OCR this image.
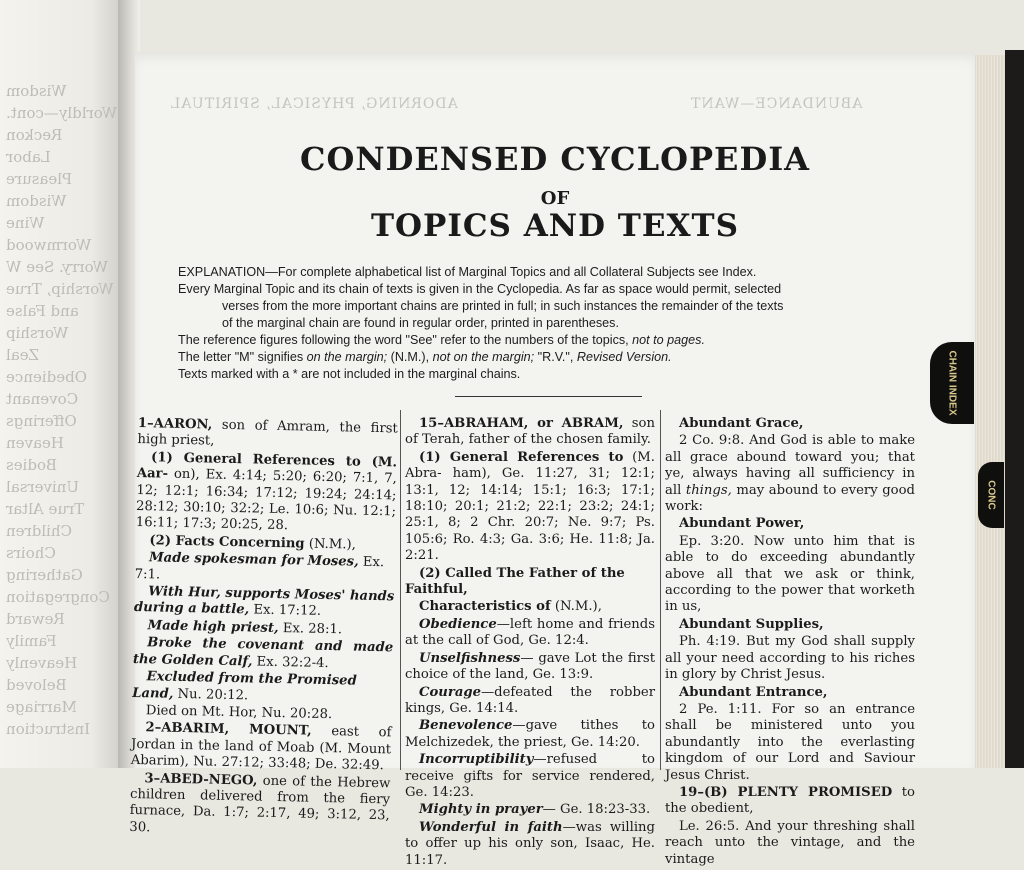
Wisdom
Worldly—cont.
Reckon
Labor
Pleasure
Wisdom
Wine
Wormwood
Worry. See W
Worship, True
and False
Worship
Zeal
Obedience
Covenant
Offerings
Heaven
Bodies
Universal
True Altar
Children
Choirs
Gathering
Congregation
Reward
Family
Heavenly
Beloved
Marriage
Instruction
ADORNING, PHYSICAL, SPIRITUAL	ABUNDANCE—WANT
CONDENSED CYCLOPEDIA
OF
TOPICS AND TEXTS

EXPLANATION—For complete alphabetical list of Marginal Topics and all Collateral Subjects see Index.

Every Marginal Topic and its chain of texts is given in the Cyclopedia. As far as space would permit, selected

verses from the more important chains are printed in full; in such instances the remainder of the texts

of the marginal chain are found in regular order, printed in parentheses.

The reference figures following the word "See" refer to the numbers of the topics, not to pages.

The letter "M" signifies on the margin; (N.M.), not on the margin; "R.V.", Revised Version.

Texts marked with a * are not included in the marginal chains.

1–AARON, son of Amram, the first high priest,

(1) General References to (M. Aar- on), Ex. 4:14; 5:20; 6:20; 7:1, 7, 12; 12:1; 16:34; 17:12; 19:24; 24:14; 28:12; 30:10; 32:2; Le. 10:6; Nu. 12:1; 16:11; 17:3; 20:25, 28.

(2) Facts Concerning (N.M.),

Made spokesman for Moses, Ex. 7:1.

With Hur, supports Moses' hands during a battle, Ex. 17:12.

Made high priest, Ex. 28:1.

Broke the covenant and made the Golden Calf, Ex. 32:2-4.

Excluded from the Promised Land, Nu. 20:12.

Died on Mt. Hor, Nu. 20:28.

2–ABARIM, MOUNT, east of Jordan in the land of Moab (M. Mount Abarim), Nu. 27:12; 33:48; De. 32:49.

3–ABED-NEGO, one of the Hebrew children delivered from the fiery furnace, Da. 1:7; 2:17, 49; 3:12, 23, 30.

15–ABRAHAM, or ABRAM, son of Terah, father of the chosen family.

(1) General References to (M. Abra- ham), Ge. 11:27, 31; 12:1; 13:1, 12; 14:14; 15:1; 16:3; 17:1; 18:10; 20:1; 21:2; 22:1; 23:2; 24:1; 25:1, 8; 2 Chr. 20:7; Ne. 9:7; Ps. 105:6; Ro. 4:3; Ga. 3:6; He. 11:8; Ja. 2:21.

(2) Called The Father of the Faithful,

Characteristics of (N.M.),

Obedience—left home and friends at the call of God, Ge. 12:4.

Unselfishness— gave Lot the first choice of the land, Ge. 13:9.

Courage—defeated the robber kings, Ge. 14:14.

Benevolence—gave tithes to Melchizedek, the priest, Ge. 14:20.

Incorruptibility—refused to receive gifts for service rendered, Ge. 14:23.

Mighty in prayer— Ge. 18:23-33.

Wonderful in faith—was willing to offer up his only son, Isaac, He. 11:17.

Abundant Grace,

2 Co. 9:8. And God is able to make all grace abound toward you; that ye, always having all sufficiency in all things, may abound to every good work:

Abundant Power,

Ep. 3:20. Now unto him that is able to do exceeding abundantly above all that we ask or think, according to the power that worketh in us,

Abundant Supplies,

Ph. 4:19. But my God shall supply all your need according to his riches in glory by Christ Jesus.

Abundant Entrance,

2 Pe. 1:11. For so an entrance shall be ministered unto you abundantly into the everlasting kingdom of our Lord and Saviour Jesus Christ.

19–(B) PLENTY PROMISED to the obedient,

Le. 26:5. And your threshing shall reach unto the vintage, and the vintage

CHAIN INDEX
CONC
